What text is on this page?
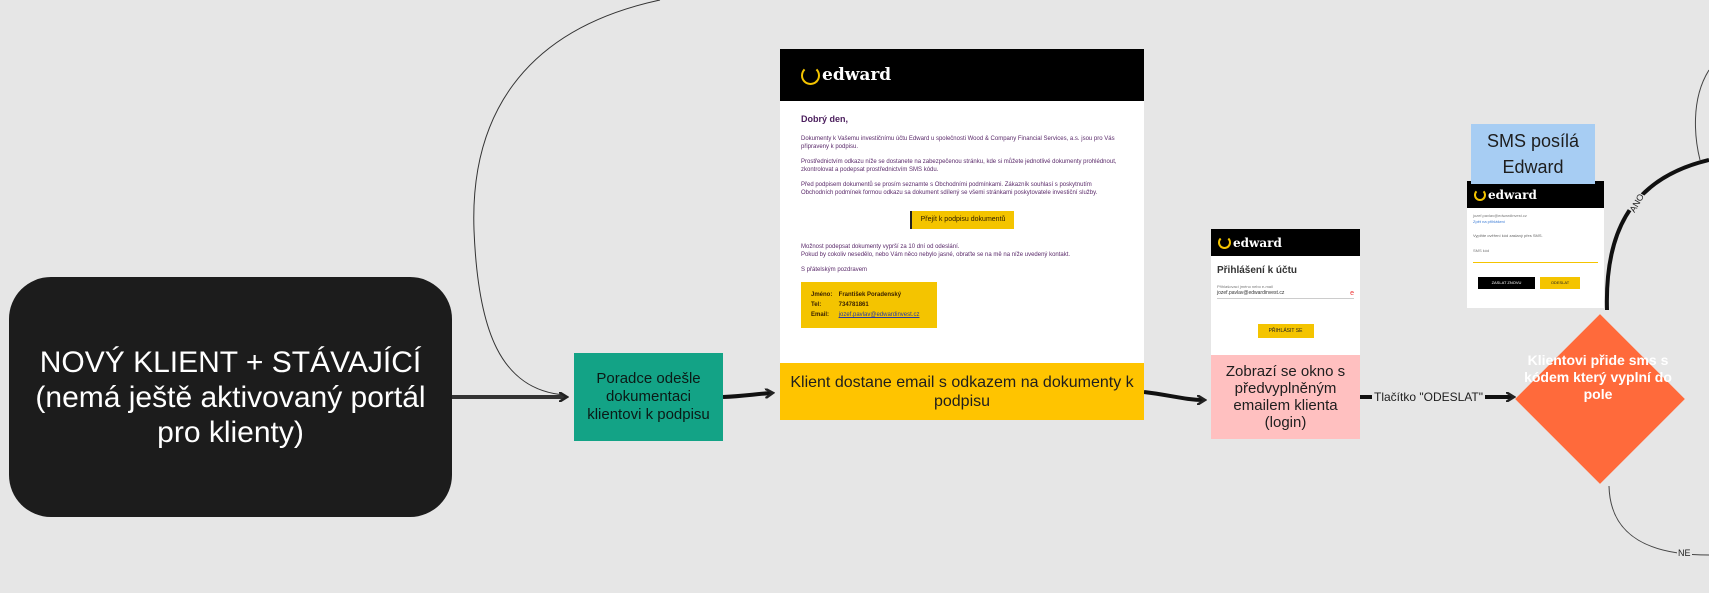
NOVÝ KLIENT + STÁVAJÍCÍ (nemá ještě aktivovaný portál pro klienty)
Poradce odešle dokumentaci klientovi k podpisu
edward
Dobrý den,

Dokumenty k Vašemu investičnímu účtu Edward u společnosti Wood & Company Financial Services, a.s. jsou pro Vás připraveny k podpisu.

Prostřednictvím odkazu níže se dostanete na zabezpečenou stránku, kde si můžete jednotlivé dokumenty prohlédnout, zkontrolovat a podepsat prostřednictvím SMS kódu.

Před podpisem dokumentů se prosím seznamte s Obchodními podmínkami. Zákazník souhlasí s poskytnutím Obchodních podmínek formou odkazu sa dokument sdílený se všemi stránkami poskytovatele investiční služby.

Přejít k podpisu dokumentů

Možnost podepsat dokumenty vyprší za 10 dní od odeslání.

Pokud by cokoliv nesedělo, nebo Vám něco nebylo jasné, obraťte se na mě na níže uvedený kontakt.

S přátelským pozdravem

Jméno: František Poradenský
Tel:	734781861
Email: jozef.pavlav@edwardinvest.cz
Klient dostane email s odkazem na dokumenty k podpisu
edward
Přihlášení k účtu
Přihlašovací jméno nebo e-mail
jozef.pavlav@edwardinvest.cz	e
PŘIHLÁSIT SE
Zobrazí se okno s předvyplněným emailem klienta (login)
edward
jozef.pavlav@edwardinvest.cz
Zpět na přihlášení
Vyplňte ověření kód zaslaný přes SMS.
SMS kód
ZASLAT ZNOVU	ODESLAT
SMS posílá Edward
Klientovi přide sms s kódem který vyplní do pole
Tlačítko "ODESLAT"
ANO
NE
